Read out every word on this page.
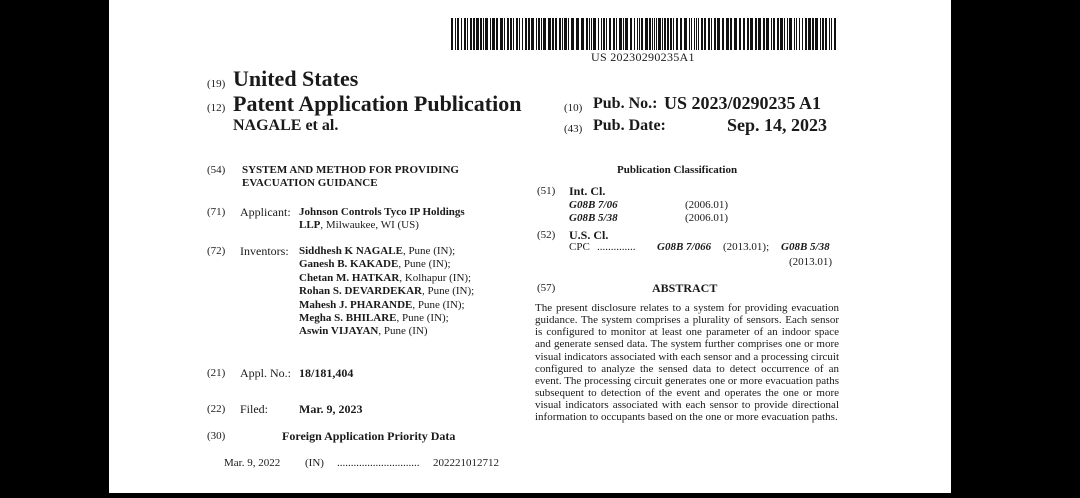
US 20230290235A1
(19) United States
(12) Patent Application Publication
NAGALE et al.
(10) Pub. No.: US 2023/0290235 A1
(43) Pub. Date:	Sep. 14, 2023
(54) SYSTEM AND METHOD FOR PROVIDING
EVACUATION GUIDANCE
(71) Applicant: Johnson Controls Tyco IP Holdings
LLP, Milwaukee, WI (US)
(72) Inventors: Siddhesh K NAGALE, Pune (IN);
Ganesh B. KAKADE, Pune (IN);
Chetan M. HATKAR, Kolhapur (IN);
Rohan S. DEVARDEKAR, Pune (IN);
Mahesh J. PHARANDE, Pune (IN);
Megha S. BHILARE, Pune (IN);
Aswin VIJAYAN, Pune (IN)
(21) Appl. No.: 18/181,404
(22) Filed:	Mar. 9, 2023
(30)	Foreign Application Priority Data
Mar. 9, 2022 (IN) .............................. 202221012712
Publication Classification
(51) Int. Cl.
G08B 7/06	(2006.01)
G08B 5/38	(2006.01)
(52) U.S. Cl.
CPC .............. G08B 7/066 (2013.01); G08B 5/38
(2013.01)
(57)	ABSTRACT

The present disclosure relates to a system for providing evacuation guidance. The system comprises a plurality of sensors. Each sensor is configured to monitor at least one parameter of an indoor space and generate sensed data. The system further comprises one or more visual indicators associated with each sensor and a processing circuit configured to analyze the sensed data to detect occurrence of an event. The processing circuit generates one or more evacuation paths subsequent to detection of the event and operates the one or more visual indicators associated with each sensor to provide directional information to occupants based on the one or more evacuation paths.
